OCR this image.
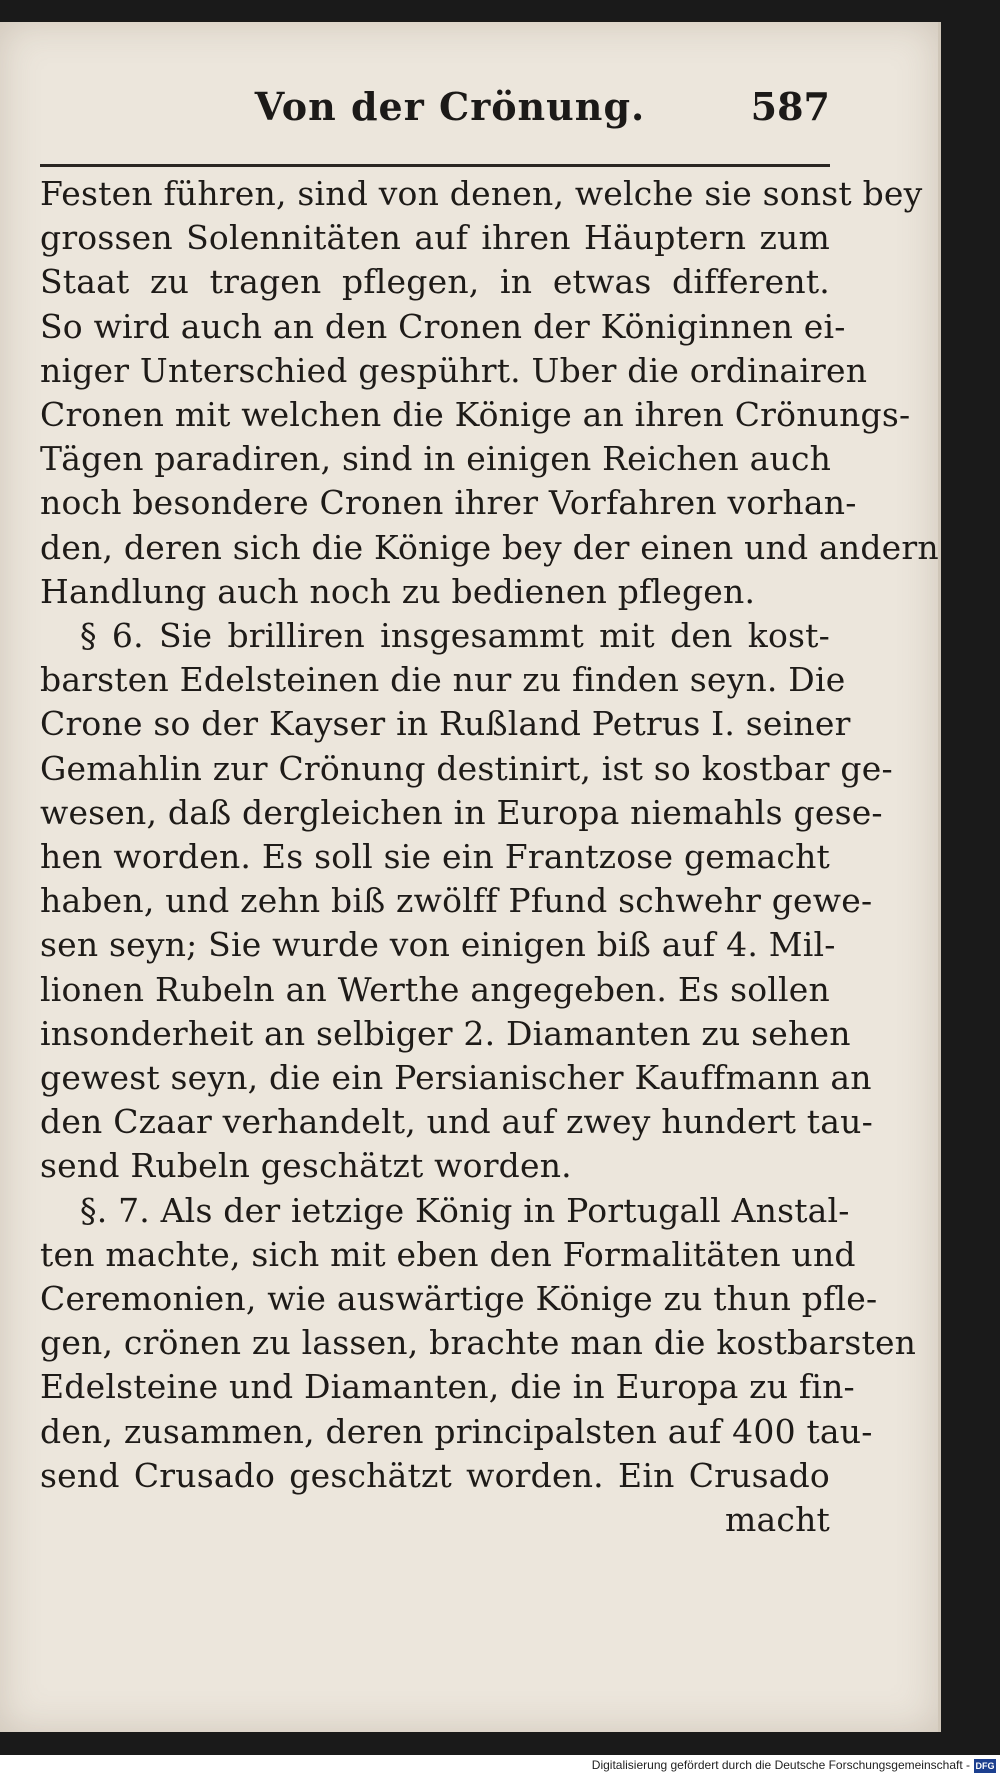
Von der Crönung.	587
Festen führen, sind von denen, welche sie sonst bey
grossen Solennitäten auf ihren Häuptern zum
Staat zu tragen pflegen, in etwas different.
So wird auch an den Cronen der Königinnen ei-
niger Unterschied gespührt. Uber die ordinairen
Cronen mit welchen die Könige an ihren Crönungs-
Tägen paradiren, sind in einigen Reichen auch
noch besondere Cronen ihrer Vorfahren vorhan-
den, deren sich die Könige bey der einen und andern
Handlung auch noch zu bedienen pflegen.
§ 6. Sie brilliren insgesammt mit den kost-
barsten Edelsteinen die nur zu finden seyn. Die
Crone so der Kayser in Rußland Petrus I. seiner
Gemahlin zur Crönung destinirt, ist so kostbar ge-
wesen, daß dergleichen in Europa niemahls gese-
hen worden. Es soll sie ein Frantzose gemacht
haben, und zehn biß zwölff Pfund schwehr gewe-
sen seyn; Sie wurde von einigen biß auf 4. Mil-
lionen Rubeln an Werthe angegeben. Es sollen
insonderheit an selbiger 2. Diamanten zu sehen
gewest seyn, die ein Persianischer Kauffmann an
den Czaar verhandelt, und auf zwey hundert tau-
send Rubeln geschätzt worden.
§. 7. Als der ietzige König in Portugall Anstal-
ten machte, sich mit eben den Formalitäten und
Ceremonien, wie auswärtige Könige zu thun pfle-
gen, crönen zu lassen, brachte man die kostbarsten
Edelsteine und Diamanten, die in Europa zu fin-
den, zusammen, deren principalsten auf 400 tau-
send Crusado geschätzt worden. Ein Crusado
macht
Digitalisierung gefördert durch die Deutsche Forschungsgemeinschaft - DFG
